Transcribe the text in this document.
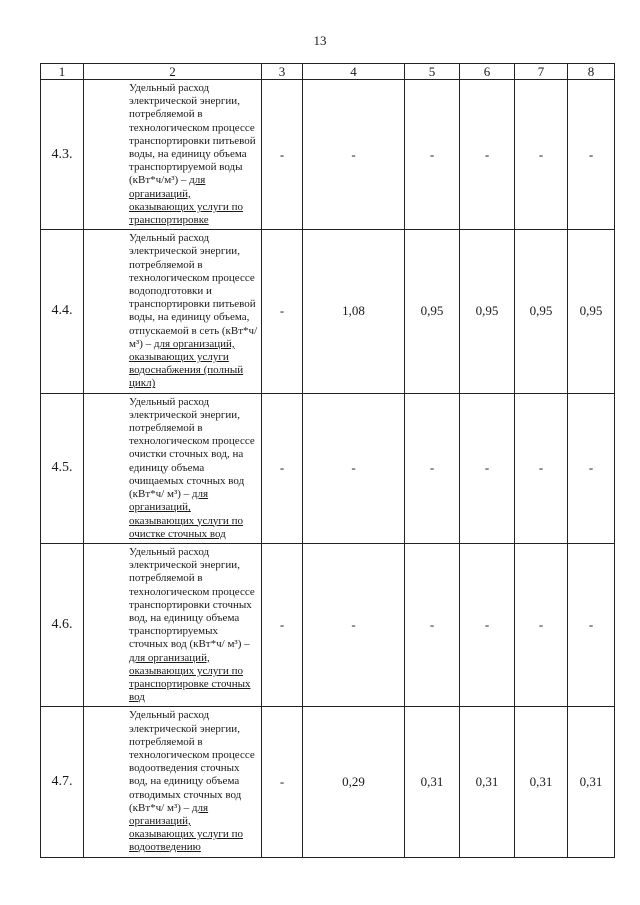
13
1	2	3	4	5	6	7	8
4.3.	Удельный расход электрической энергии, потребляемой в технологическом процессе транспортировки питьевой воды, на единицу объема транспортируемой воды (кВт*ч/м³) – для организаций, оказывающих услуги по транспортировке	-	-	-	-	-	-
4.4.	Удельный расход электрической энергии, потребляемой в технологическом процессе водоподготовки и транспортировки питьевой воды, на единицу объема, отпускаемой в сеть (кВт*ч/м³) – для организаций, оказывающих услуги водоснабжения (полный цикл)	-	1,08	0,95	0,95	0,95	0,95
4.5.	Удельный расход электрической энергии, потребляемой в технологическом процессе очистки сточных вод, на единицу объема очищаемых сточных вод (кВт*ч/ м³) – для организаций, оказывающих услуги по очистке сточных вод	-	-	-	-	-	-
4.6.	Удельный расход электрической энергии, потребляемой в технологическом процессе транспортировки сточных вод, на единицу объема транспортируемых сточных вод (кВт*ч/ м³) – для организаций, оказывающих услуги по транспортировке сточных вод	-	-	-	-	-	-
4.7.	Удельный расход электрической энергии, потребляемой в технологическом процессе водоотведения сточных вод, на единицу объема отводимых сточных вод (кВт*ч/ м³) – для организаций, оказывающих услуги по водоотведению	-	0,29	0,31	0,31	0,31	0,31
